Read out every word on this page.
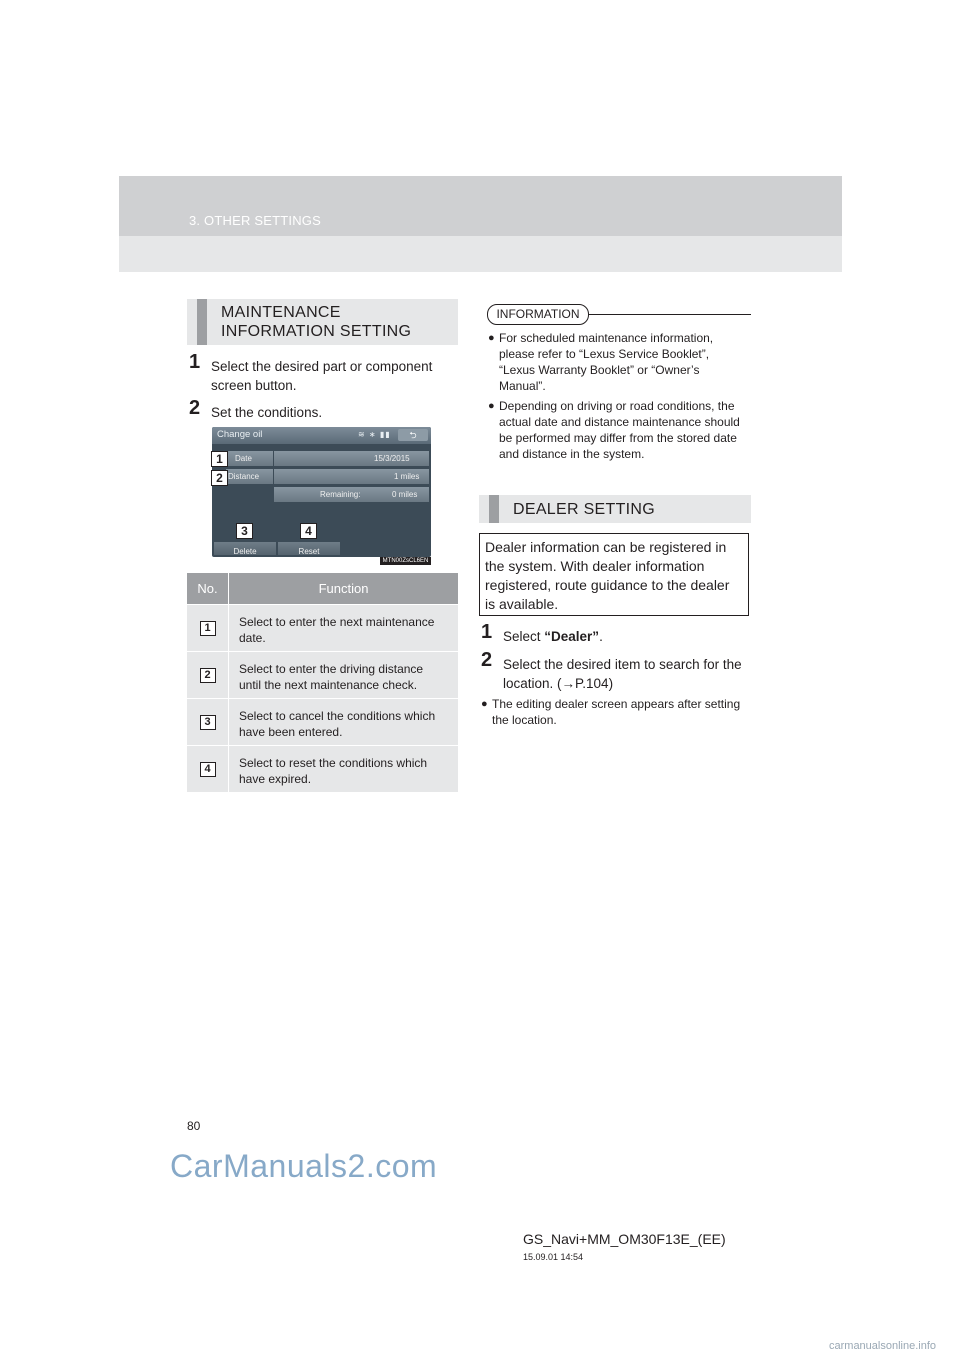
3. OTHER SETTINGS
MAINTENANCE INFORMATION SETTING
1 Select the desired part or component screen button.
2 Set the conditions.
Change oil	≋ ∗ ▮▮	⮌
Date	15/3/2015
Distance	1 miles
Remaining:	0 miles
Delete	Reset
1
2
3	4
MTN00ZsCL6EN
No.	Function
1	Select to enter the next maintenance date.
2	Select to enter the driving distance until the next maintenance check.
3	Select to cancel the conditions which have been entered.
4	Select to reset the conditions which have expired.
INFORMATION
● For scheduled maintenance information, please refer to “Lexus Service Booklet”, “Lexus Warranty Booklet” or “Owner’s Manual”.
● Depending on driving or road conditions, the actual date and distance maintenance should be performed may differ from the stored date and distance in the system.
DEALER SETTING
Dealer information can be registered in the system. With dealer information registered, route guidance to the dealer is available.
1 Select “Dealer”.
2 Select the desired item to search for the location. (→P.104)
● The editing dealer screen appears after setting the location.
80
CarManuals2.com
GS_Navi+MM_OM30F13E_(EE)
15.09.01 14:54
carmanualsonline.info
